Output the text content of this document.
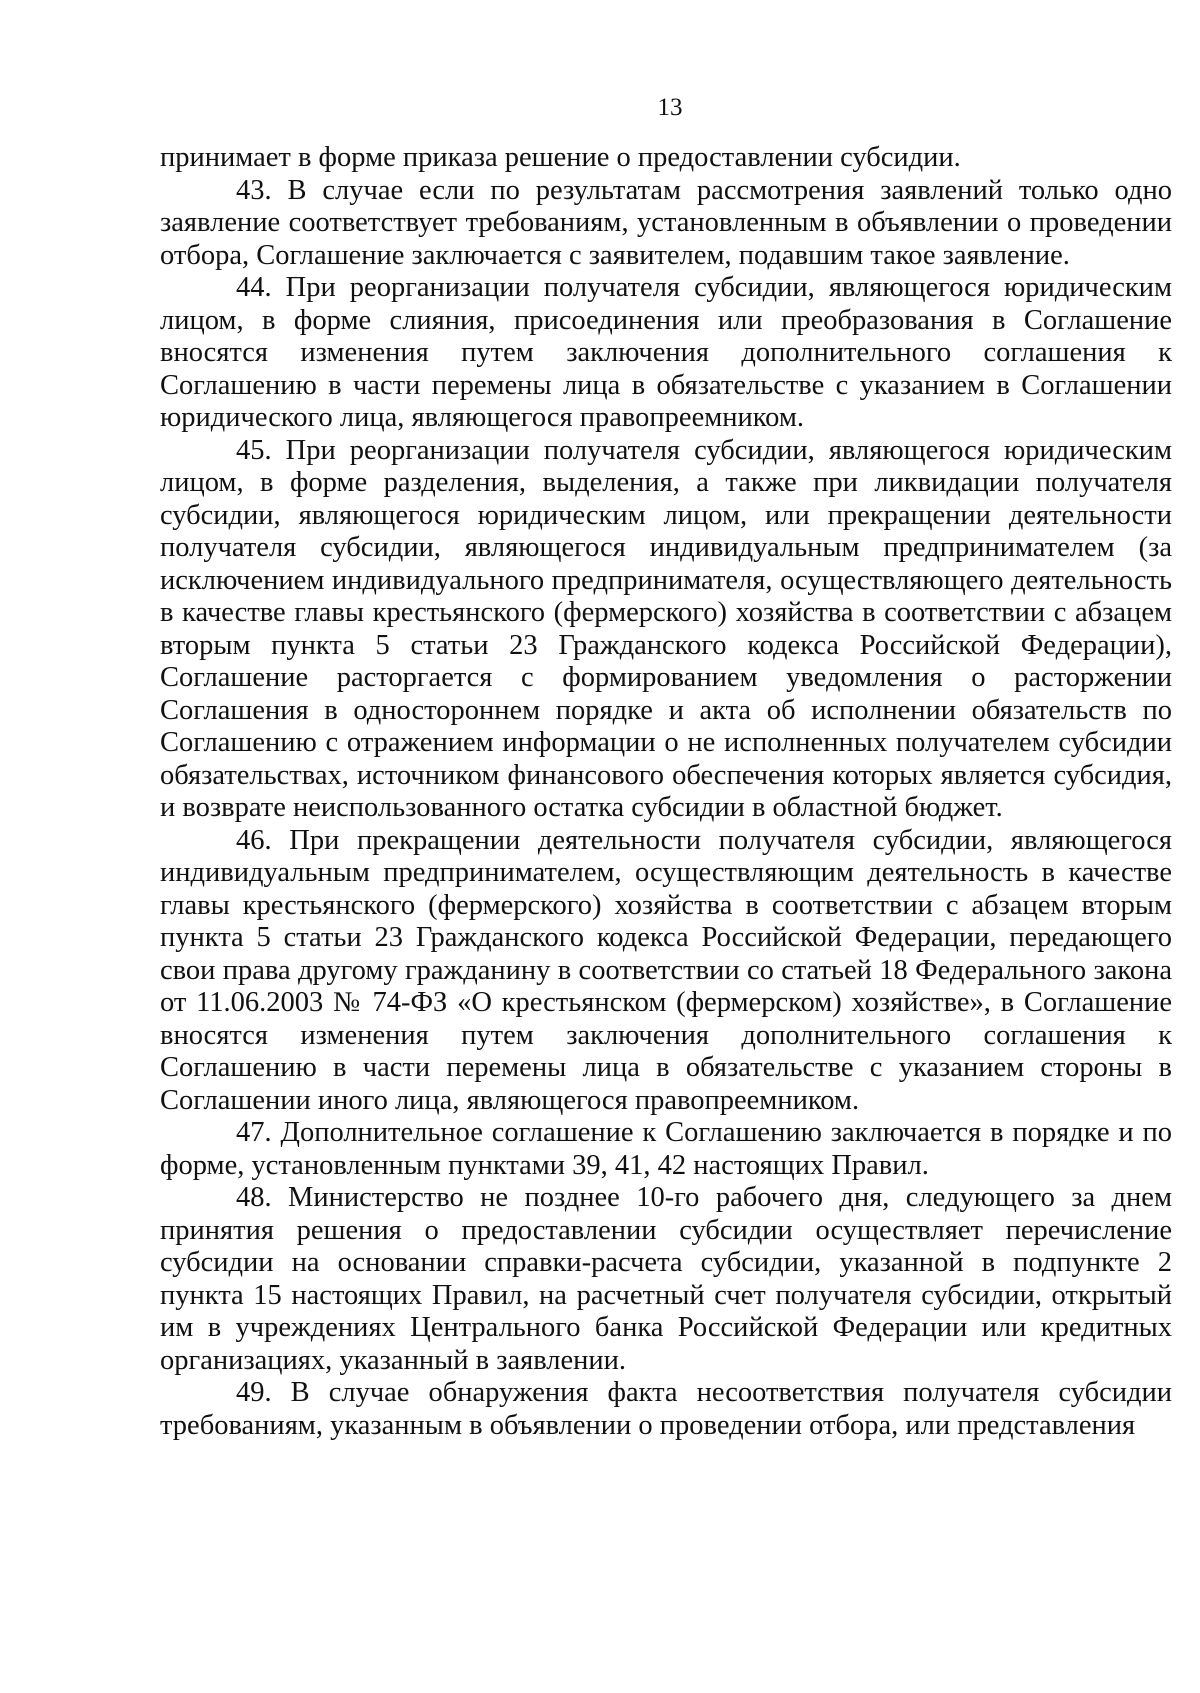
13

принимает в форме приказа решение о предоставлении субсидии.

43. В случае если по результатам рассмотрения заявлений только одно заявление соответствует требованиям, установленным в объявлении о проведении отбора, Соглашение заключается с заявителем, подавшим такое заявление.

44. При реорганизации получателя субсидии, являющегося юридическим лицом, в форме слияния, присоединения или преобразования в Соглашение вносятся изменения путем заключения дополнительного соглашения к Соглашению в части перемены лица в обязательстве с указанием в Соглашении юридического лица, являющегося правопреемником.

45. При реорганизации получателя субсидии, являющегося юридическим лицом, в форме разделения, выделения, а также при ликвидации получателя субсидии, являющегося юридическим лицом, или прекращении деятельности получателя субсидии, являющегося индивидуальным предпринимателем (за исключением индивидуального предпринимателя, осуществляющего деятельность в качестве главы крестьянского (фермерского) хозяйства в соответствии с абзацем вторым пункта 5 статьи 23 Гражданского кодекса Российской Федерации), Соглашение расторгается с формированием уведомления о расторжении Соглашения в одностороннем порядке и акта об исполнении обязательств по Соглашению с отражением информации о не исполненных получателем субсидии обязательствах, источником финансового обеспечения которых является субсидия, и возврате неиспользованного остатка субсидии в областной бюджет.

46. При прекращении деятельности получателя субсидии, являющегося индивидуальным предпринимателем, осуществляющим деятельность в качестве главы крестьянского (фермерского) хозяйства в соответствии с абзацем вторым пункта 5 статьи 23 Гражданского кодекса Российской Федерации, передающего свои права другому гражданину в соответствии со статьей 18 Федерального закона от 11.06.2003 № 74-ФЗ «О крестьянском (фермерском) хозяйстве», в Соглашение вносятся изменения путем заключения дополнительного соглашения к Соглашению в части перемены лица в обязательстве с указанием стороны в Соглашении иного лица, являющегося правопреемником.

47. Дополнительное соглашение к Соглашению заключается в порядке и по форме, установленным пунктами 39, 41, 42 настоящих Правил.

48. Министерство не позднее 10-го рабочего дня, следующего за днем принятия решения о предоставлении субсидии осуществляет перечисление субсидии на основании справки-расчета субсидии, указанной в подпункте 2 пункта 15 настоящих Правил, на расчетный счет получателя субсидии, открытый им в учреждениях Центрального банка Российской Федерации или кредитных организациях, указанный в заявлении.

49. В случае обнаружения факта несоответствия получателя субсидии требованиям, указанным в объявлении о проведении отбора, или представления
